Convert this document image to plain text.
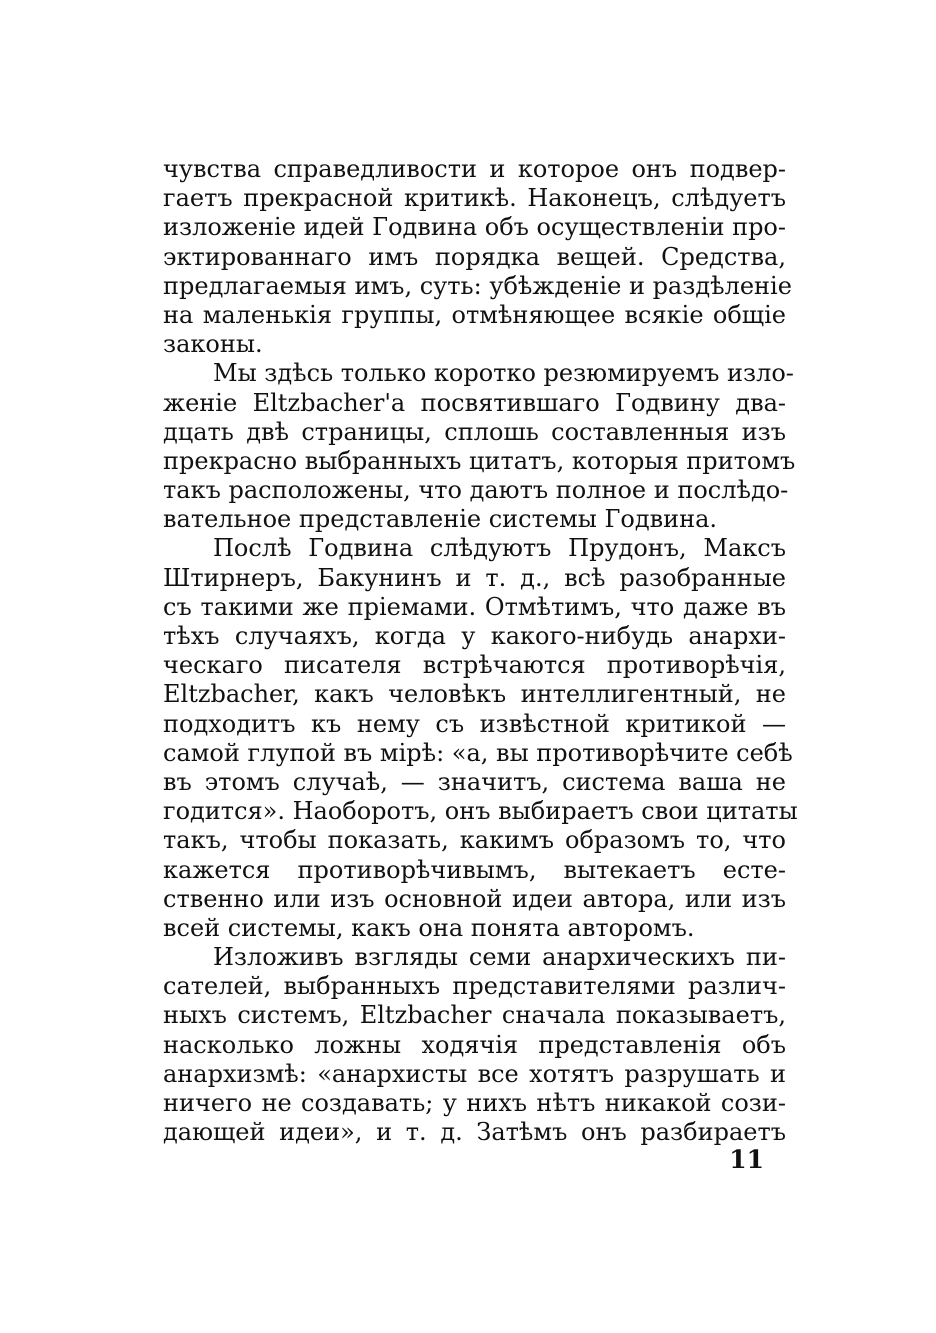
чувства справедливости и которое онъ подвер-
гаетъ прекрасной критикѣ. Наконецъ, слѣдуетъ
изложеніе идей Годвина объ осуществленіи про-
эктированнаго имъ порядка вещей. Средства,
предлагаемыя имъ, суть: убѣжденіе и раздѣленіе
на маленькія группы, отмѣняющее всякіе общіе
законы.
Мы здѣсь только коротко резюмируемъ изло-
женіе Eltzbacher'а посвятившаго Годвину два-
дцать двѣ страницы, сплошь составленныя изъ
прекрасно выбранныхъ цитатъ, которыя притомъ
такъ расположены, что даютъ полное и послѣдо-
вательное представленіе системы Годвина.
Послѣ Годвина слѣдуютъ Прудонъ, Максъ
Штирнеръ, Бакунинъ и т. д., всѣ разобранные
съ такими же пріемами. Отмѣтимъ, что даже въ
тѣхъ случаяхъ, когда у какого-нибудь анархи-
ческаго писателя встрѣчаются противорѣчія,
Eltzbacher, какъ человѣкъ интеллигентный, не
подходитъ къ нему съ извѣстной критикой —
самой глупой въ мірѣ: «а, вы противорѣчите себѣ
въ этомъ случаѣ, — значитъ, система ваша не
годится». Наоборотъ, онъ выбираетъ свои цитаты
такъ, чтобы показать, какимъ образомъ то, что
кажется противорѣчивымъ, вытекаетъ есте-
ственно или изъ основной идеи автора, или изъ
всей системы, какъ она понята авторомъ.
Изложивъ взгляды семи анархическихъ пи-
сателей, выбранныхъ представителями различ-
ныхъ системъ, Eltzbacher сначала показываетъ,
насколько ложны ходячія представленія объ
анархизмѣ: «анархисты все хотятъ разрушать и
ничего не создавать; у нихъ нѣтъ никакой сози-
дающей идеи», и т. д. Затѣмъ онъ разбираетъ
11
